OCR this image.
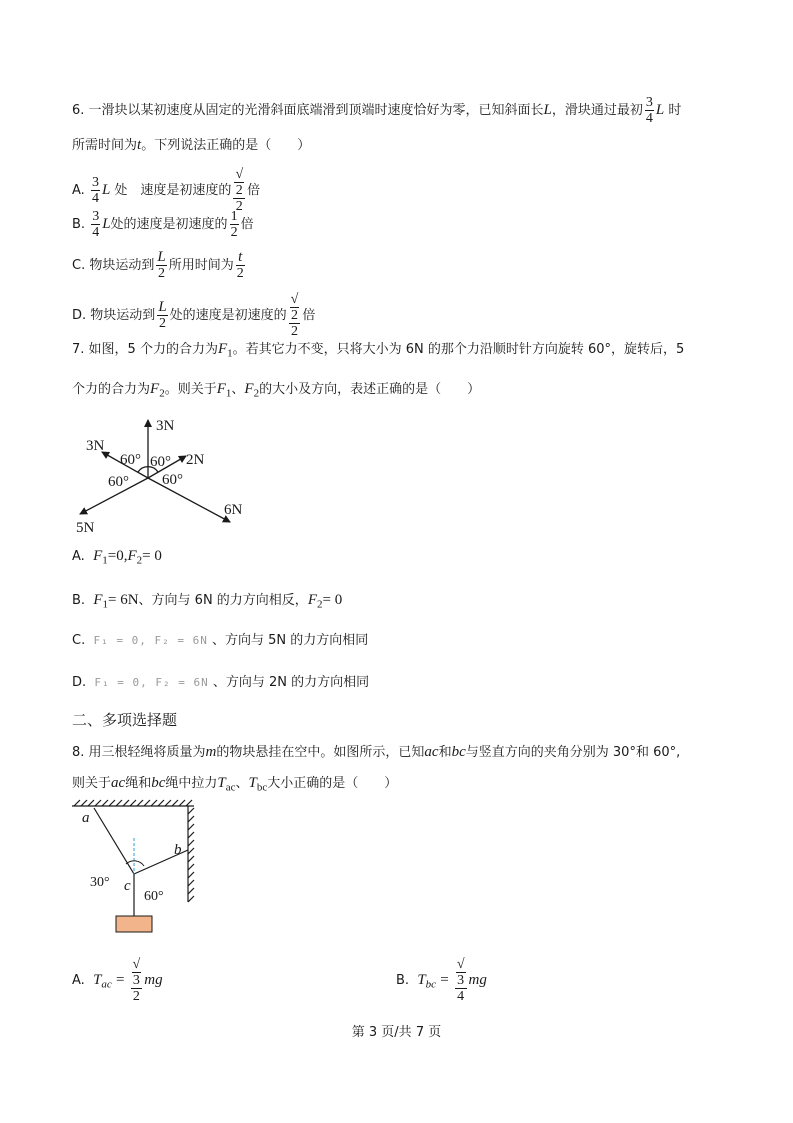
6. 一滑块以某初速度从固定的光滑斜面底端滑到顶端时速度恰好为零，已知斜面长L，滑块通过最初 $\frac{3}{4}$ L 时
所需时间为t。下列说法正确的是（　　）
A. $\frac{3}{4}$ L 处　速度是初速度的 √
2
2 倍
B. $\frac{3}{4}$ L处的速度是初速度的 $\frac{1}{2}$ 倍
C. 物块运动到 $\frac{L}{2}$ 所用时间为 $\frac{t}{2}$
D. 物块运动到 $\frac{L}{2}$ 处的速度是初速度的 √
2
2 倍
7. 如图，5 个力的合力为$F_1$。若其它力不变，只将大小为 6N 的那个力沿顺时针方向旋转 60°，旋转后，5
个力的合力为$F_2$。则关于$F_1$、$F_2$的大小及方向，表述正确的是（　　）
3N
3N
2N
60° 60°
60° 60°
5N
6N
A. $F_1=0,F_2= 0$
B. $F_1= 6N$、方向与 6N 的力方向相反，$F_2= 0$
C. F₁ = 0, F₂ = 6N 、方向与 5N 的力方向相同
D. F₁ = 0, F₂ = 6N 、方向与 2N 的力方向相同
二、多项选择题
8. 用三根轻绳将质量为m的物块悬挂在空中。如图所示，已知ac和bc与竖直方向的夹角分别为 30°和 60°,
则关于ac绳和bc绳中拉力$T_{ac}$、$T_{bc}$大小正确的是（　　）
a
b
c
30°
60°
A. $T_{ac}$ = √
3
2 mg	B. $T_{bc}$ = √
3
4 mg
第 3 页/共 7 页
